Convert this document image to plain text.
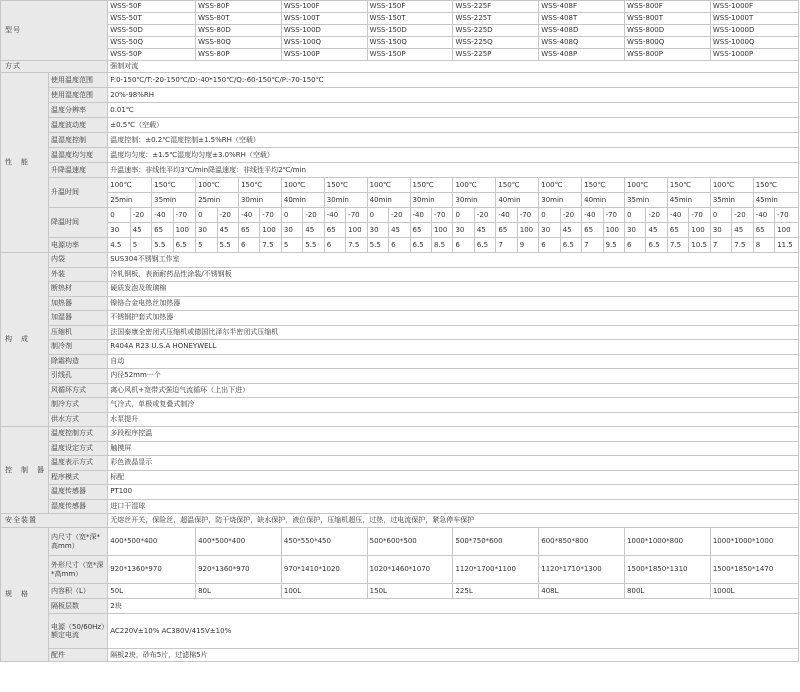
型号		WSS-50F				WSS-80F				WSS-100F				WSS-150F				WSS-225F				WSS-408F				WSS-800F				WSS-1000F			
		WSS-50T				WSS-80T				WSS-100T				WSS-150T				WSS-225T				WSS-408T				WSS-800T				WSS-1000T			
		WSS-50D				WSS-80D				WSS-100D				WSS-150D				WSS-225D				WSS-408D				WSS-800D				WSS-1000D			
		WSS-50Q				WSS-80Q				WSS-100Q				WSS-150Q				WSS-225Q				WSS-408Q				WSS-800Q				WSS-1000Q			
		WSS-50P				WSS-80P				WSS-100P				WSS-150P				WSS-225P				WSS-408P				WSS-800P				WSS-1000P			
方式		强制对流																															
性　能	使用温度范围	F:0-150℃/T:-20-150℃/D:-40*150℃/Q:-60-150℃/P:-70-150℃																															
	使用湿度范围	20%-98%RH																															
	温度分辨率	0.01℃																															
	温度波动度	±0.5℃（空载）																															
	温湿度控制	温度控制：±0.2℃湿度控制±1.5%RH（空载）																															
	温湿度均匀度	温度均匀度：±1.5℃湿度均匀度±3.0%RH（空载）																															
	升降温速度	升温速率：非线性平均3℃/min降温速度：非线性平均2℃/min																															
	升温时间	100℃		150℃		100℃		150℃		100℃		150℃		100℃		150℃		100℃		150℃		100℃		150℃		100℃		150℃		100℃		150℃	
		25min		35min		25min		30min		40min		30min		40min		30min		30min		40min		30min		40min		35min		45min		35min		45min	
	降温时间	0	-20	-40	-70	0	-20	-40	-70	0	-20	-40	-70	0	-20	-40	-70	0	-20	-40	-70	0	-20	-40	-70	0	-20	-40	-70	0	-20	-40	-70
		30	45	65	100	30	45	65	100	30	45	65	100	30	45	65	100	30	45	65	100	30	45	65	100	30	45	65	100	30	45	65	100
	电源功率	4.5	5	5.5	6.5	5	5.5	6	7.5	5	5.5	6	7.5	5.5	6	6.5	8.5	6	6.5	7	9	6	6.5	7	9.5	6	6.5	7.5	10.5	7	7.5	8	11.5
构　成	内袋	SUS304不锈钢工作室																															
	外装	冷轧钢板，表面耐药品性涂装/不锈钢板																															
	断热材	硬质发泡及玻璃棉																															
	加热器	镍铬合金电热丝加热器																															
	加湿器	不锈钢护套式加热器																															
	压缩机	法国泰康全密闭式压缩机或德国比泽尔半密闭式压缩机																															
	制冷剂	R404A R23 U.S.A HONEYWELL																															
	除霜构造	自动																															
	引线孔	内径52mm一个																															
	风循环方式	离心风机+宽带式强迫气流循环（上出下进）																															
	制冷方式	气冷式，单极或复叠式制冷																															
	供水方式	水泵提升																															
控　制　器	温度控制方式	多段程序控温																															
	温度设定方式	触摸屏																															
	温度表示方式	彩色液晶显示																															
	程序模式	标配																															
	温度传感器	PT100																															
	湿度传感器	进口干湿球																															
安全装置		无熔丝开关，保险丝，超温保护，防干烧保护，缺水保护，液位保护，压缩机超压，过热，过电流保护，紧急停车保护																															
规　格	内尺寸（宽*深*高mm）	400*500*400				400*500*400				450*550*450				500*600*500				500*750*600				600*850*800				1000*1000*800				1000*1000*1000			
	外形尺寸（宽*深*高mm）	920*1360*970				920*1360*970				970*1410*1020				1020*1460*1070				1120*1700*1100				1120*1710*1300				1500*1850*1310				1500*1850*1470			
	内容积（L）	50L				80L				100L				150L				225L				408L				800L				1000L			
	隔板层数	2块																															
	电源（50/60Hz）额定电流	AC220V±10% AC380V/415V±10%																															
	配件	隔板2块，砂布5片，过滤棉5片																															
